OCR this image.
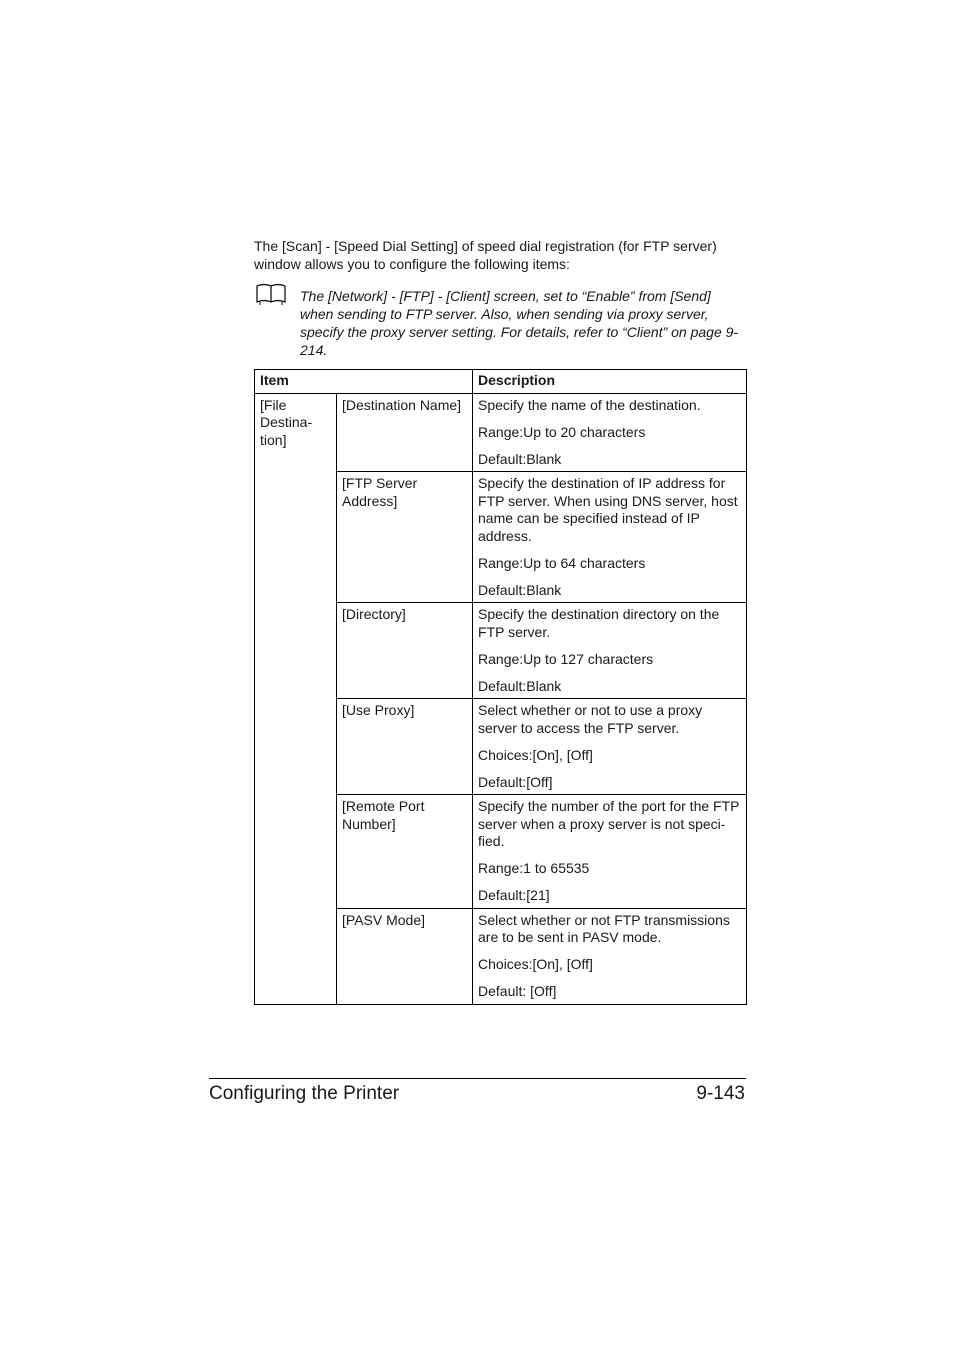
The [Scan] - [Speed Dial Setting] of speed dial registration (for FTP server) window allows you to configure the following items:

The [Network] - [FTP] - [Client] screen, set to “Enable” from [Send] when sending to FTP server. Also, when sending via proxy server, specify the proxy server setting. For details, refer to “Client” on page 9-214.

Item		Description
[File
Destina-
tion]	[Destination Name]	Specify the name of the destination.
Range:Up to 20 characters
Default:Blank

	[FTP Server Address]	Specify the destination of IP address for FTP server. When using DNS server, host name can be specified instead of IP address.
Range:Up to 64 characters
Default:Blank

	[Directory]	Specify the destination directory on the FTP server.
Range:Up to 127 characters
Default:Blank

	[Use Proxy]	Select whether or not to use a proxy server to access the FTP server.
Choices:[On], [Off]
Default:[Off]

	[Remote Port Number]	Specify the number of the port for the FTP server when a proxy server is not speci-fied.
Range:1 to 65535
Default:[21]

	[PASV Mode]	Select whether or not FTP transmissions are to be sent in PASV mode.
Choices:[On], [Off]
Default: [Off]
Configuring the Printer	9-143
